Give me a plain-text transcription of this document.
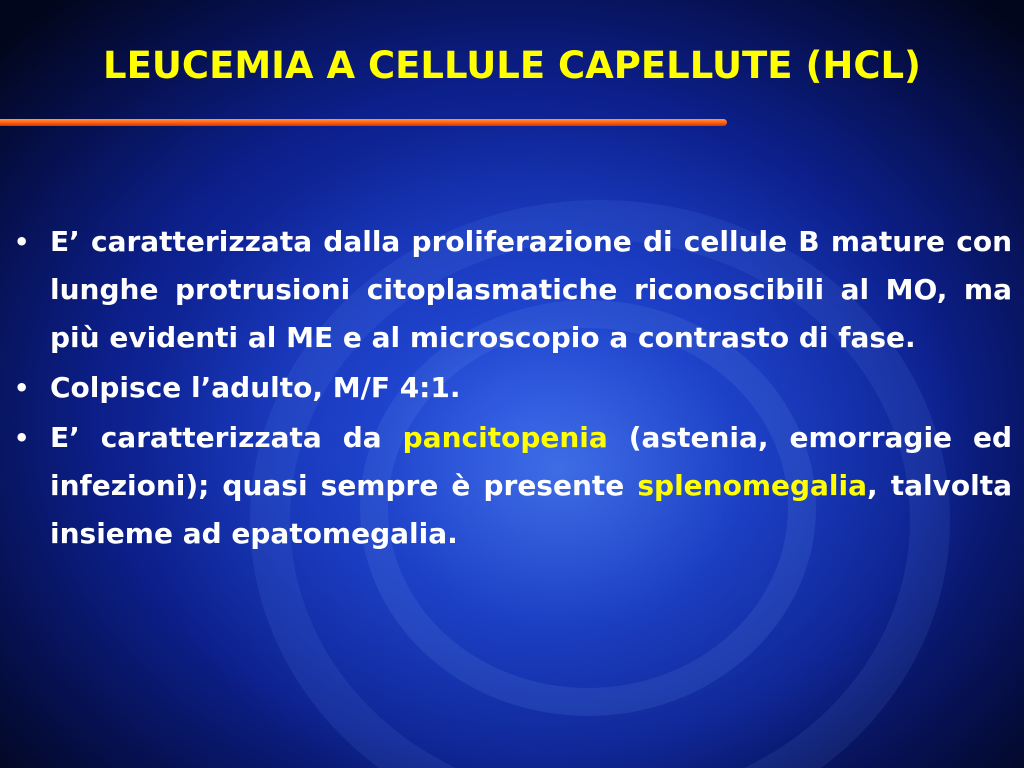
LEUCEMIA A CELLULE CAPELLUTE (HCL)
• E’ caratterizzata dalla proliferazione di cellule B mature con lunghe protrusioni citoplasmatiche riconoscibili al MO, ma più evidenti al ME e al microscopio a contrasto di fase.
• Colpisce l’adulto, M/F 4:1.
• E’ caratterizzata da pancitopenia (astenia, emorragie ed infezioni); quasi sempre è presente splenomegalia, talvolta insieme ad epatomegalia.
